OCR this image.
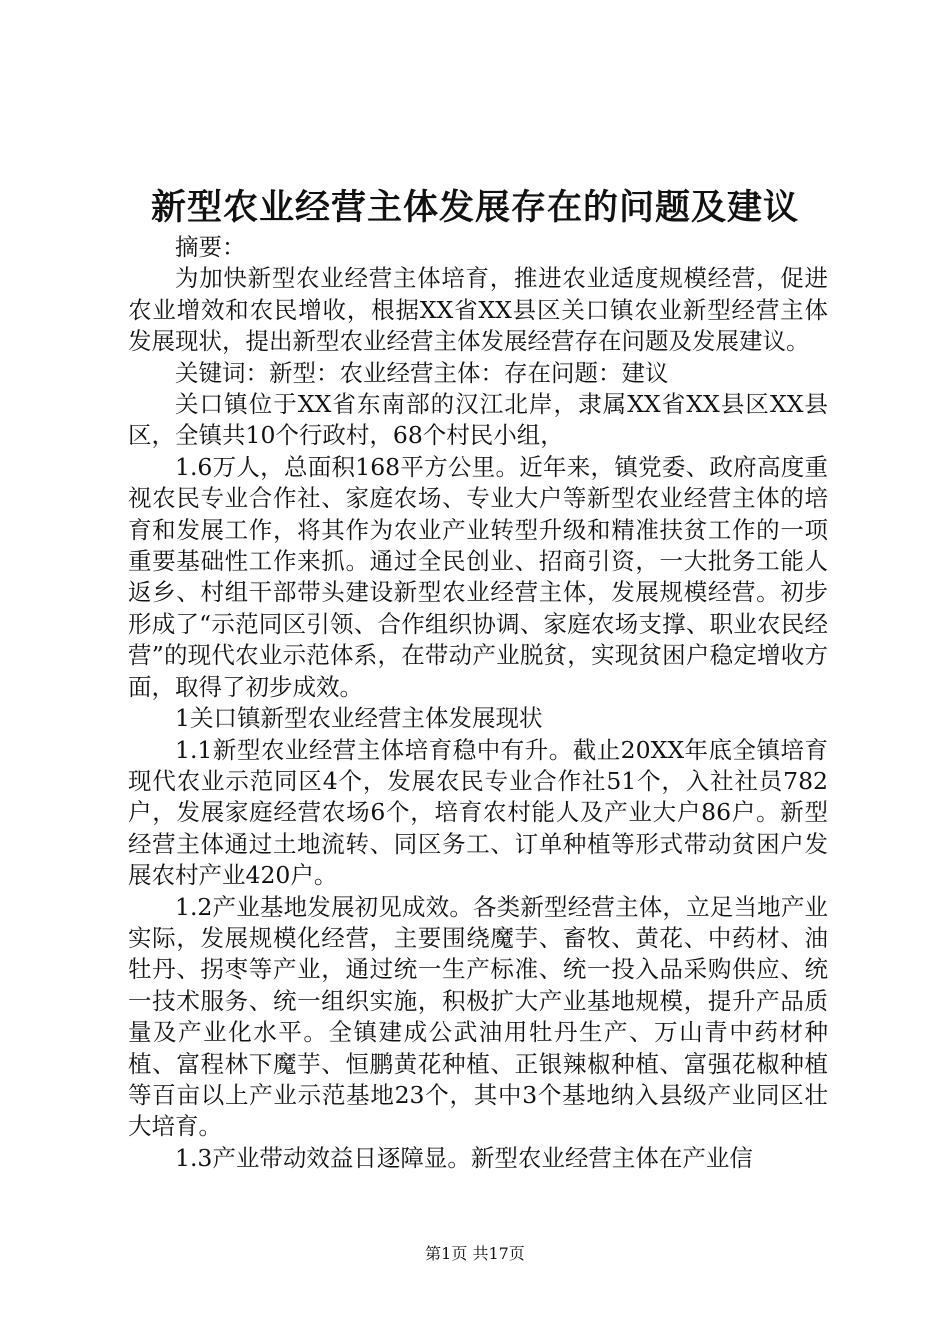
新型农业经营主体发展存在的问题及建议

摘要：

为加快新型农业经营主体培育，推进农业适度规模经营，促进农业增效和农民增收，根据XX省XX县区关口镇农业新型经营主体发展现状，提出新型农业经营主体发展经营存在问题及发展建议。

关键词：新型：农业经营主体：存在问题：建议

关口镇位于XX省东南部的汉江北岸，隶属XX省XX县区XX县区，全镇共10个行政村，68个村民小组，

1.6万人，总面积168平方公里。近年来，镇党委、政府高度重视农民专业合作社、家庭农场、专业大户等新型农业经营主体的培育和发展工作，将其作为农业产业转型升级和精准扶贫工作的一项重要基础性工作来抓。通过全民创业、招商引资，一大批务工能人返乡、村组干部带头建设新型农业经营主体，发展规模经营。初步形成了“示范同区引领、合作组织协调、家庭农场支撑、职业农民经营”的现代农业示范体系，在带动产业脱贫，实现贫困户稳定增收方面，取得了初步成效。

1关口镇新型农业经营主体发展现状

1.1新型农业经营主体培育稳中有升。截止20XX年底全镇培育现代农业示范同区4个，发展农民专业合作社51个，入社社员782户，发展家庭经营农场6个，培育农村能人及产业大户86户。新型经营主体通过土地流转、同区务工、订单种植等形式带动贫困户发展农村产业420户。

1.2产业基地发展初见成效。各类新型经营主体，立足当地产业实际，发展规模化经营，主要围绕魔芋、畜牧、黄花、中药材、油牡丹、拐枣等产业，通过统一生产标准、统一投入品采购供应、统一技术服务、统一组织实施，积极扩大产业基地规模，提升产品质量及产业化水平。全镇建成公武油用牡丹生产、万山青中药材种植、富程林下魔芋、恒鹏黄花种植、正银辣椒种植、富强花椒种植等百亩以上产业示范基地23个，其中3个基地纳入县级产业同区壮大培育。

1.3产业带动效益日逐障显。新型农业经营主体在产业信

第1页 共17页
